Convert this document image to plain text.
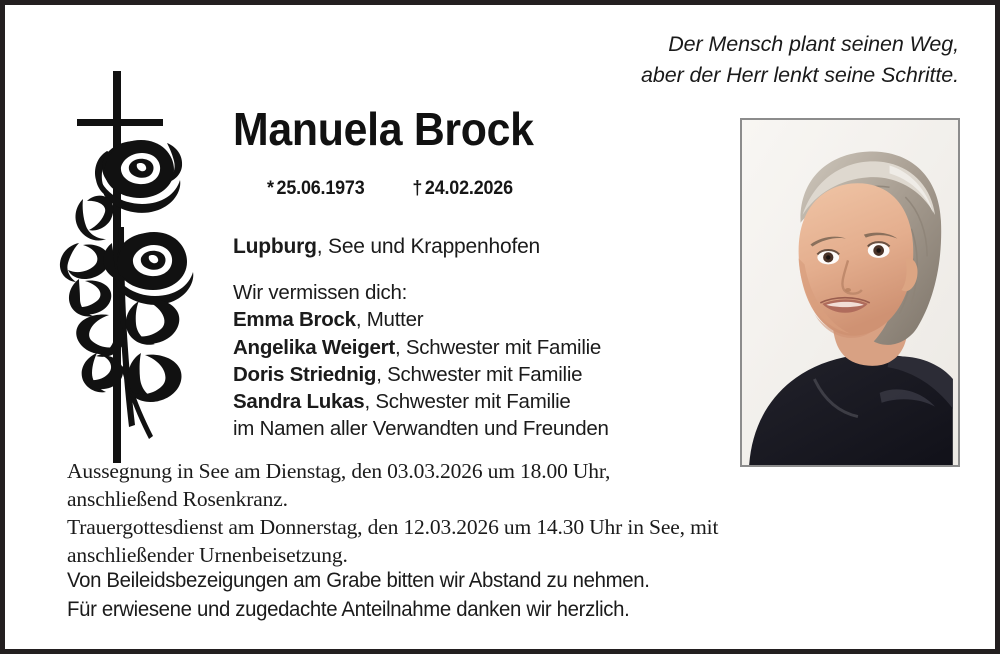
Der Mensch plant seinen Weg,
aber der Herr lenkt seine Schritte.
Manuela Brock
* 25.06.1973 † 24.02.2026
Lupburg, See und Krappenhofen
Wir vermissen dich:
Emma Brock, Mutter
Angelika Weigert, Schwester mit Familie
Doris Striednig, Schwester mit Familie
Sandra Lukas, Schwester mit Familie
im Namen aller Verwandten und Freunden
Aussegnung in See am Dienstag, den 03.03.2026 um 18.00 Uhr,
anschließend Rosenkranz.
Trauergottesdienst am Donnerstag, den 12.03.2026 um 14.30 Uhr in See, mit
anschließender Urnenbeisetzung.
Von Beileidsbezeigungen am Grabe bitten wir Abstand zu nehmen.
Für erwiesene und zugedachte Anteilnahme danken wir herzlich.
